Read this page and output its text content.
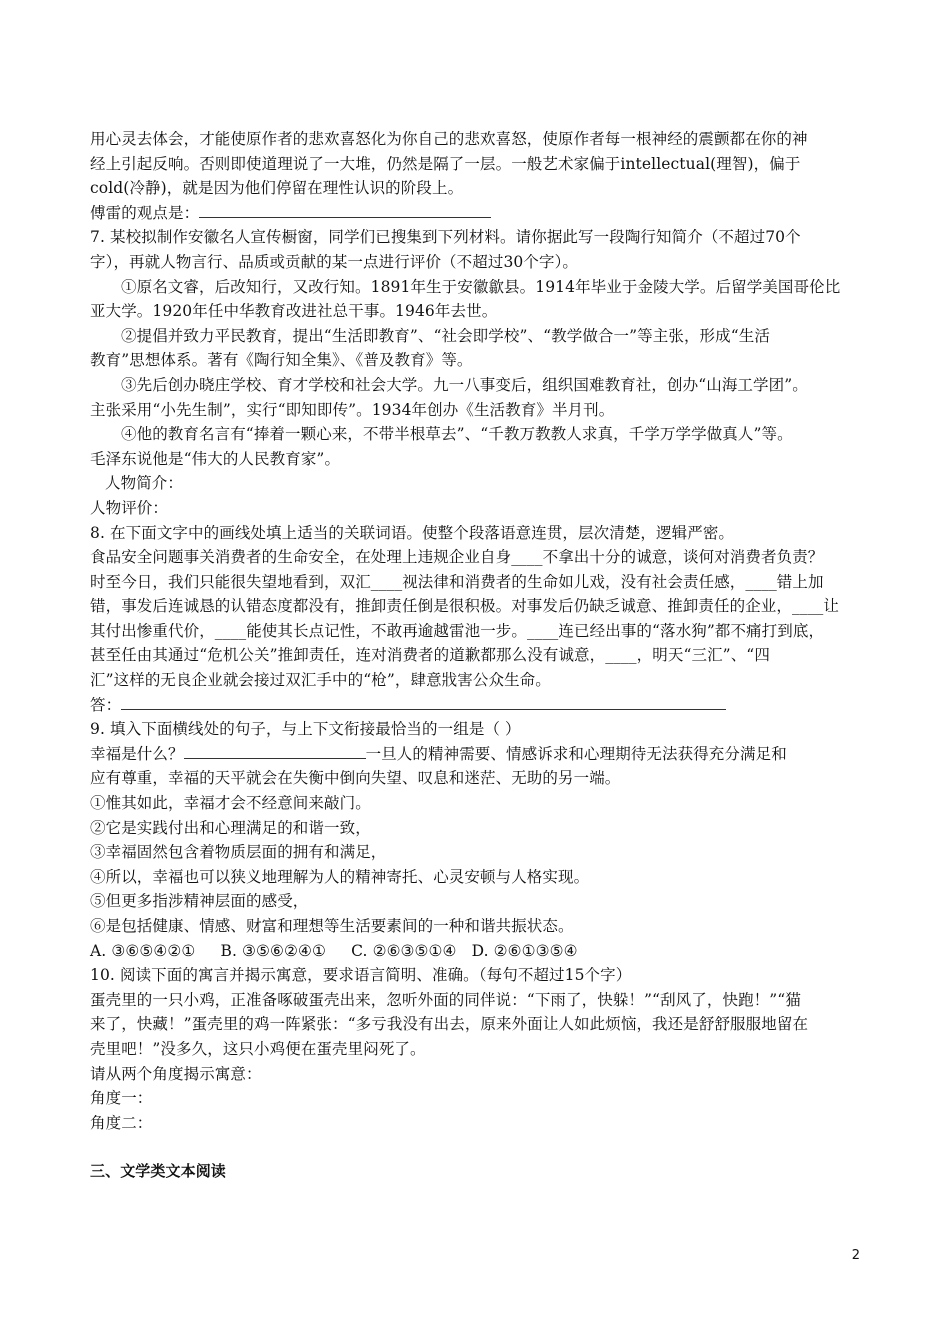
用心灵去体会，才能使原作者的悲欢喜怒化为你自己的悲欢喜怒，使原作者每一根神经的震颤都在你的神
经上引起反响。否则即使道理说了一大堆，仍然是隔了一层。一般艺术家偏于intellectual(理智)，偏于
cold(冷静)，就是因为他们停留在理性认识的阶段上。
傅雷的观点是：
7. 某校拟制作安徽名人宣传橱窗，同学们已搜集到下列材料。请你据此写一段陶行知简介（不超过70个
字），再就人物言行、品质或贡献的某一点进行评价（不超过30个字）。
①原名文睿，后改知行，又改行知。1891年生于安徽歙县。1914年毕业于金陵大学。后留学美国哥伦比
亚大学。1920年任中华教育改进社总干事。1946年去世。
②提倡并致力平民教育，提出“生活即教育”、“社会即学校”、“教学做合一”等主张，形成“生活
教育”思想体系。著有《陶行知全集》、《普及教育》等。
③先后创办晓庄学校、育才学校和社会大学。九一八事变后，组织国难教育社，创办“山海工学团”。
主张采用“小先生制”，实行“即知即传”。1934年创办《生活教育》半月刊。
④他的教育名言有“捧着一颗心来，不带半根草去”、“千教万教教人求真，千学万学学做真人”等。
毛泽东说他是“伟大的人民教育家”。
人物简介：
人物评价：
8. 在下面文字中的画线处填上适当的关联词语。使整个段落语意连贯，层次清楚，逻辑严密。
食品安全问题事关消费者的生命安全，在处理上违规企业自身____不拿出十分的诚意，谈何对消费者负责？
时至今日，我们只能很失望地看到，双汇____视法律和消费者的生命如儿戏，没有社会责任感，____错上加
错，事发后连诚恳的认错态度都没有，推卸责任倒是很积极。对事发后仍缺乏诚意、推卸责任的企业，____让
其付出惨重代价，____能使其长点记性，不敢再逾越雷池一步。____连已经出事的“落水狗”都不痛打到底，
甚至任由其通过“危机公关”推卸责任，连对消费者的道歉都那么没有诚意，____，明天“三汇”、“四
汇”这样的无良企业就会接过双汇手中的“枪”，肆意戕害公众生命。
答：
9. 填入下面横线处的句子，与上下文衔接最恰当的一组是（ ）
幸福是什么？	一旦人的精神需要、情感诉求和心理期待无法获得充分满足和
应有尊重，幸福的天平就会在失衡中倒向失望、叹息和迷茫、无助的另一端。
①惟其如此，幸福才会不经意间来敲门。
②它是实践付出和心理满足的和谐一致，
③幸福固然包含着物质层面的拥有和满足，
④所以，幸福也可以狭义地理解为人的精神寄托、心灵安顿与人格实现。
⑤但更多指涉精神层面的感受，
⑥是包括健康、情感、财富和理想等生活要素间的一种和谐共振状态。
A. ③⑥⑤④②①     B. ③⑤⑥②④①     C. ②⑥③⑤①④   D. ②⑥①③⑤④
10. 阅读下面的寓言并揭示寓意，要求语言简明、准确。（每句不超过15个字）
蛋壳里的一只小鸡，正准备啄破蛋壳出来，忽听外面的同伴说：“下雨了，快躲！”“刮风了，快跑！”“猫
来了，快藏！”蛋壳里的鸡一阵紧张：“多亏我没有出去，原来外面让人如此烦恼，我还是舒舒服服地留在
壳里吧！”没多久，这只小鸡便在蛋壳里闷死了。
请从两个角度揭示寓意：
角度一：
角度二：
三、文学类文本阅读
2
